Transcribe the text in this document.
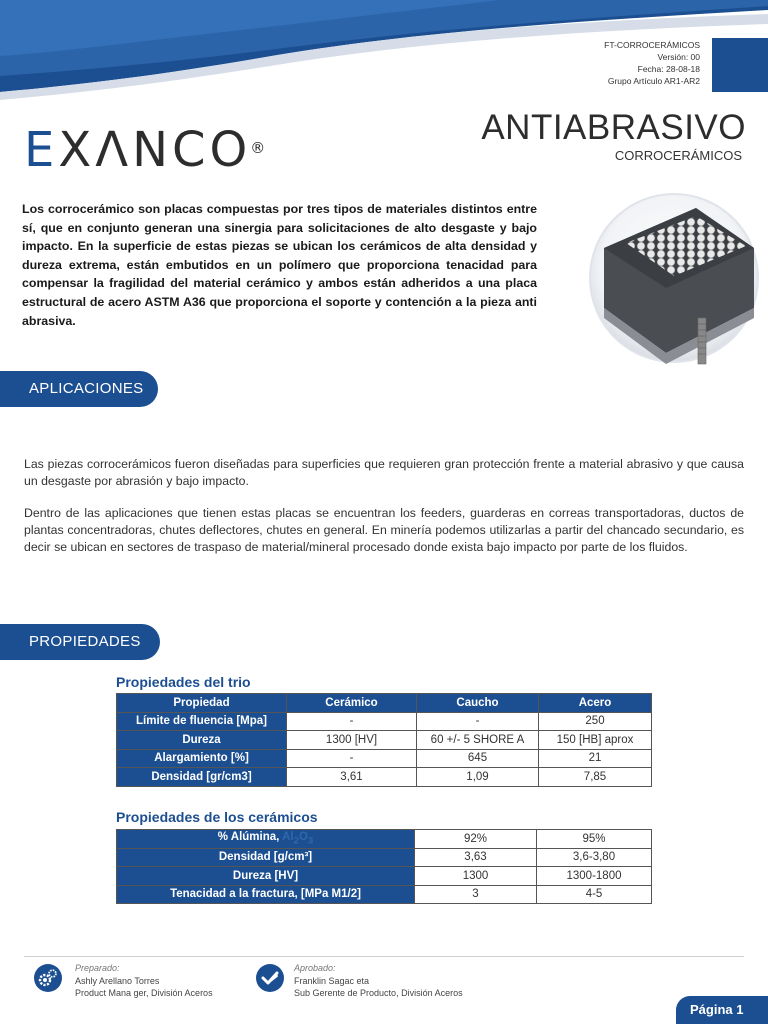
FT-CORROCERÁMICOS
Versión: 00
Fecha: 28-08-18
Grupo Artículo AR1-AR2
EXΛNCO ®
ANTIABRASIVO
CORROCERÁMICOS

Los corrocerámico son placas compuestas por tres tipos de materiales distintos entre sí, que en conjunto generan una sinergia para solicitaciones de alto desgaste y bajo impacto. En la superficie de estas piezas se ubican los cerámicos de alta densidad y dureza extrema, están embutidos en un polímero que proporciona tenacidad para compensar la fragilidad del material cerámico y ambos están adheridos a una placa estructural de acero ASTM A36 que proporciona el soporte y contención a la pieza anti abrasiva.

APLICACIONES

Las piezas corrocerámicos fueron diseñadas para superficies que requieren gran protección frente a material abrasivo y que causa un desgaste por abrasión y bajo impacto.

Dentro de las aplicaciones que tienen estas placas se encuentran los feeders, guarderas en correas transportadoras, ductos de plantas concentradoras, chutes deflectores, chutes en general. En minería podemos utilizarlas a partir del chancado secundario, es decir se ubican en sectores de traspaso de material/mineral procesado donde exista bajo impacto por parte de los fluidos.

PROPIEDADES
Propiedades del trio
Propiedad	Cerámico	Caucho	Acero
Límite de fluencia [Mpa]	-	-	250
Dureza	1300 [HV]	60 +/- 5 SHORE A	150 [HB] aprox
Alargamiento [%]	-	645	21
Densidad [gr/cm3]	3,61	1,09	7,85
Propiedades de los cerámicos
% Alúmina, $Al_2O_3$	92%	95%
Densidad [g/cm³]	3,63	3,6-3,80
Dureza [HV]	1300	1300-1800
Tenacidad a la fractura, [MPa M1/2]	3	4-5
Preparado:
Ashly Arellano Torres
Product Mana ger, División Aceros
Aprobado:
Franklin Sagac eta
Sub Gerente de Producto, División Aceros
Página 1
